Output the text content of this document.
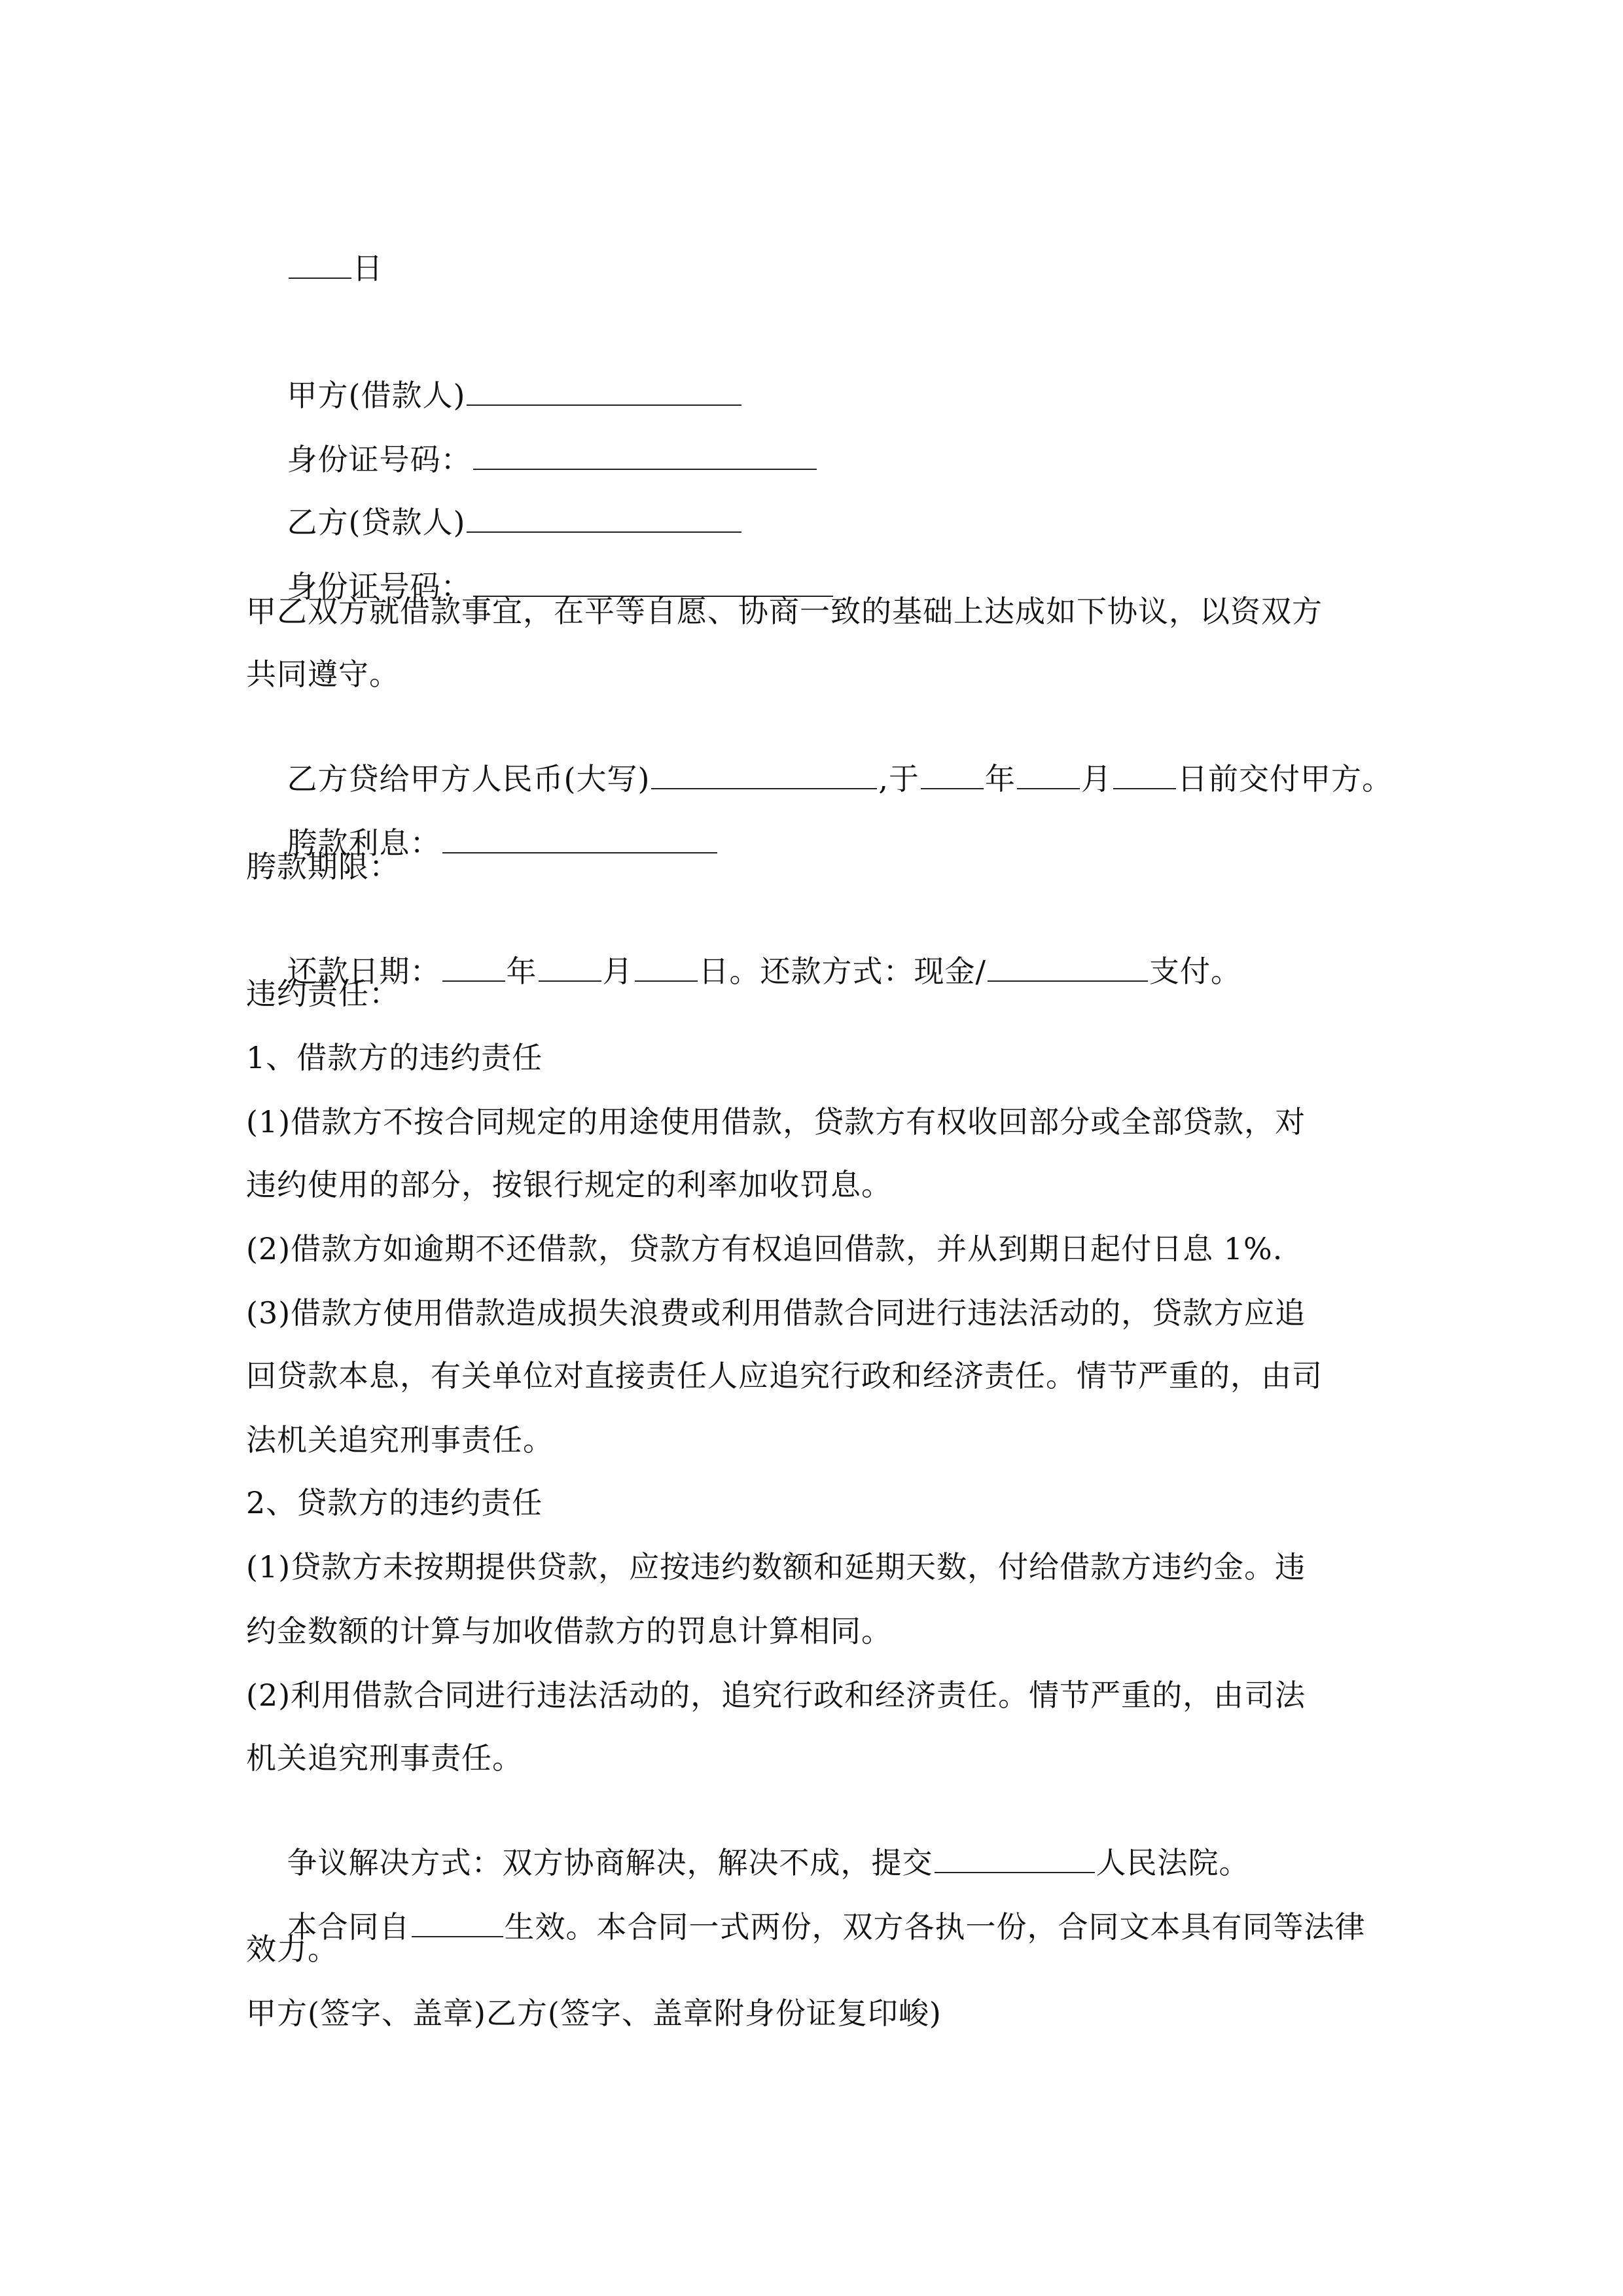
日

甲方(借款人)

身份证号码：

乙方(贷款人)

身份证号码：

甲乙双方就借款事宜，在平等自愿、协商一致的基础上达成如下协议，以资双方
共同遵守。

乙方贷给甲方人民币(大写)	,于 年 月 日前交付甲方。

胯款利息：

胯款期限：

还款日期： 年 月 日。还款方式：现金/	支付。

违约责任：
1、借款方的违约责任
(1)借款方不按合同规定的用途使用借款，贷款方有权收回部分或全部贷款，对
违约使用的部分，按银行规定的利率加收罚息。
(2)借款方如逾期不还借款，贷款方有权追回借款，并从到期日起付日息 1%.
(3)借款方使用借款造成损失浪费或利用借款合同进行违法活动的，贷款方应追
回贷款本息，有关单位对直接责任人应追究行政和经济责任。情节严重的，由司
法机关追究刑事责任。
2、贷款方的违约责任
(1)贷款方未按期提供贷款，应按违约数额和延期天数，付给借款方违约金。违
约金数额的计算与加收借款方的罚息计算相同。
(2)利用借款合同进行违法活动的，追究行政和经济责任。情节严重的，由司法
机关追究刑事责任。

争议解决方式：双方协商解决，解决不成，提交	人民法院。

本合同自	生效。本合同一式两份，双方各执一份，合同文本具有同等法律

效力。
甲方(签字、盖章)乙方(签字、盖章附身份证复印峻)
